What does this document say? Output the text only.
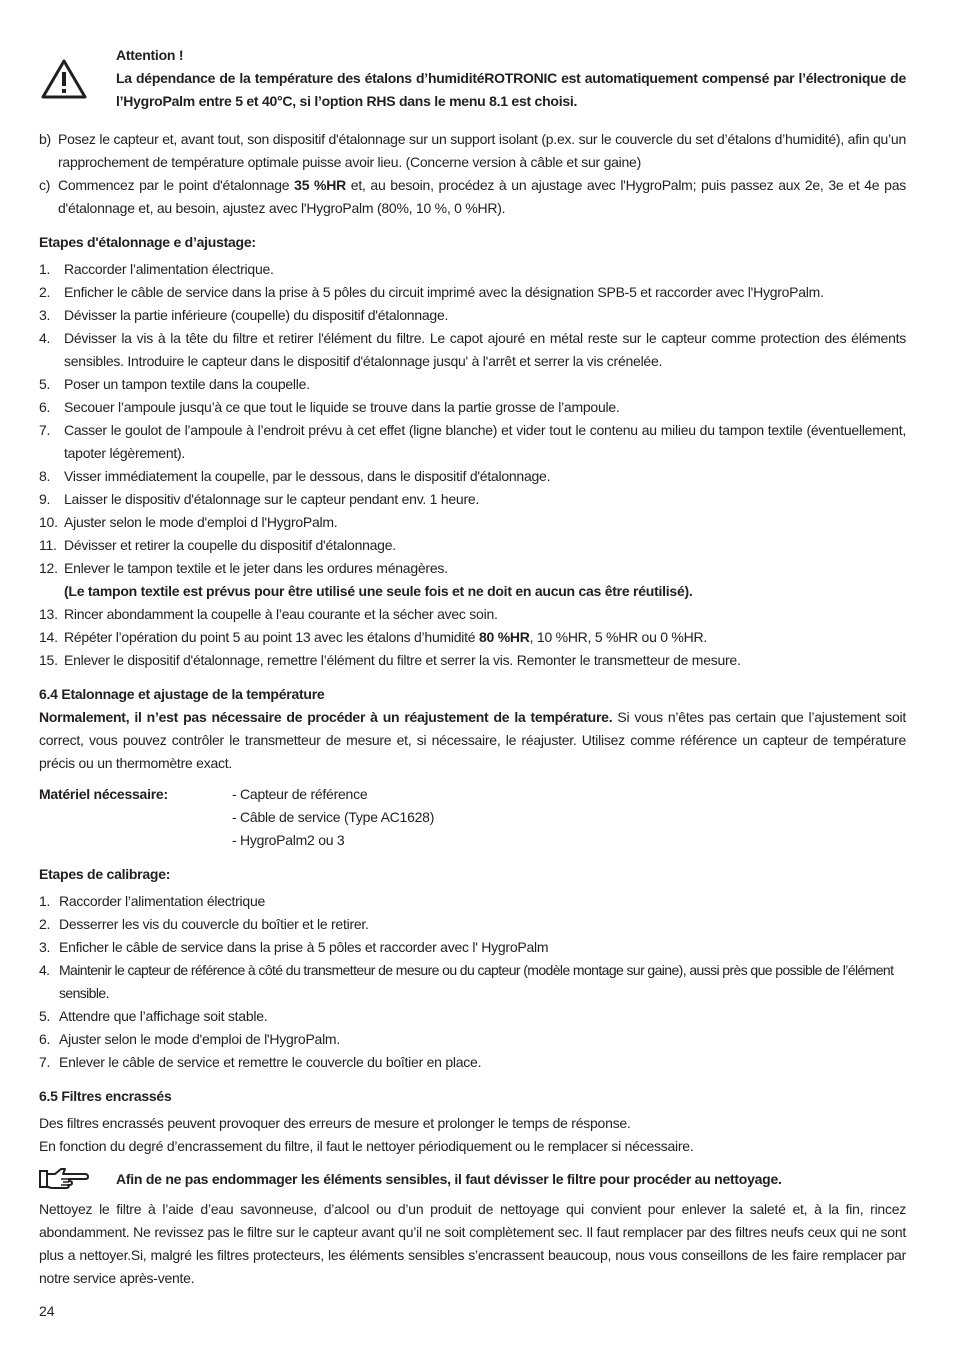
Attention !
La dépendance de la température des étalons d’humiditéROTRONIC est automatiquement compensé par l’électronique de l’HygroPalm entre 5 et 40°C, si l’option RHS dans le menu 8.1 est choisi.
b) Posez le capteur et, avant tout, son dispositif d'étalonnage sur un support isolant (p.ex. sur le couvercle du set d’étalons d’humidité), afin qu’un rapprochement de température optimale puisse avoir lieu. (Concerne version à câble et sur gaine)
c) Commencez par le point d'étalonnage 35 %HR et, au besoin, procédez à un ajustage avec l'HygroPalm; puis passez aux 2e, 3e et 4e pas d'étalonnage et, au besoin, ajustez avec l'HygroPalm (80%, 10 %, 0 %HR).
Etapes d'étalonnage e d’ajustage:
1. Raccorder l’alimentation électrique.
2. Enficher le câble de service dans la prise à 5 pôles du circuit imprimé avec la désignation SPB-5 et raccorder avec l'HygroPalm.
3. Dévisser la partie inférieure (coupelle) du dispositif d'étalonnage.
4. Dévisser la vis à la tête du filtre et retirer l'élément du filtre. Le capot ajouré en métal reste sur le capteur comme protection des éléments sensibles. Introduire le capteur dans le dispositif d'étalonnage jusqu' à l'arrêt et serrer la vis crénelée.
5. Poser un tampon textile dans la coupelle.
6. Secouer l’ampoule jusqu’à ce que tout le liquide se trouve dans la partie grosse de l’ampoule.
7. Casser le goulot de l’ampoule à l’endroit prévu à cet effet (ligne blanche) et vider tout le contenu au milieu du tampon textile (éventuellement, tapoter légèrement).
8. Visser immédiatement la coupelle, par le dessous, dans le dispositif d'étalonnage.
9. Laisser le dispositiv d'étalonnage sur le capteur pendant env. 1 heure.
10. Ajuster selon le mode d'emploi d l'HygroPalm.
11. Dévisser et retirer la coupelle du dispositif d'étalonnage.
12. Enlever le tampon textile et le jeter dans les ordures ménagères.
(Le tampon textile est prévus pour être utilisé une seule fois et ne doit en aucun cas être réutilisé).
13. Rincer abondamment la coupelle à l’eau courante et la sécher avec soin.
14. Répéter l’opération du point 5 au point 13 avec les étalons d’humidité 80 %HR, 10 %HR, 5 %HR ou 0 %HR.
15. Enlever le dispositif d'étalonnage, remettre l’élément du filtre et serrer la vis. Remonter le transmetteur de mesure.
6.4 Etalonnage et ajustage de la température
Normalement, il n’est pas nécessaire de procéder à un réajustement de la température. Si vous n’êtes pas certain que l’ajustement soit correct, vous pouvez contrôler le transmetteur de mesure et, si nécessaire, le réajuster. Utilisez comme référence un capteur de température précis ou un thermomètre exact.
Matériel nécessaire:	- Capteur de référence
- Câble de service (Type AC1628)
- HygroPalm2 ou 3
Etapes de calibrage:
1. Raccorder l’alimentation électrique
2. Desserrer les vis du couvercle du boîtier et le retirer.
3. Enficher le câble de service dans la prise à 5 pôles et raccorder avec l' HygroPalm
4. Maintenir le capteur de référence à côté du transmetteur de mesure ou du capteur (modèle montage sur gaine), aussi près que possible de l’élément sensible.
5. Attendre que l’affichage soit stable.
6. Ajuster selon le mode d'emploi de l'HygroPalm.
7. Enlever le câble de service et remettre le couvercle du boîtier en place.
6.5 Filtres encrassés
Des filtres encrassés peuvent provoquer des erreurs de mesure et prolonger le temps de résponse.
En fonction du degré d’encrassement du filtre, il faut le nettoyer périodiquement ou le remplacer si nécessaire.
Afin de ne pas endommager les éléments sensibles, il faut dévisser le filtre pour procéder au nettoyage.
Nettoyez le filtre à l’aide d’eau savonneuse, d’alcool ou d’un produit de nettoyage qui convient pour enlever la saleté et, à la fin, rincez abondamment. Ne revissez pas le filtre sur le capteur avant qu’il ne soit complètement sec. Il faut remplacer par des filtres neufs ceux qui ne sont plus a nettoyer.Si, malgré les filtres protecteurs, les éléments sensibles s’encrassent beaucoup, nous vous conseillons de les faire remplacer par notre service après-vente.
24
